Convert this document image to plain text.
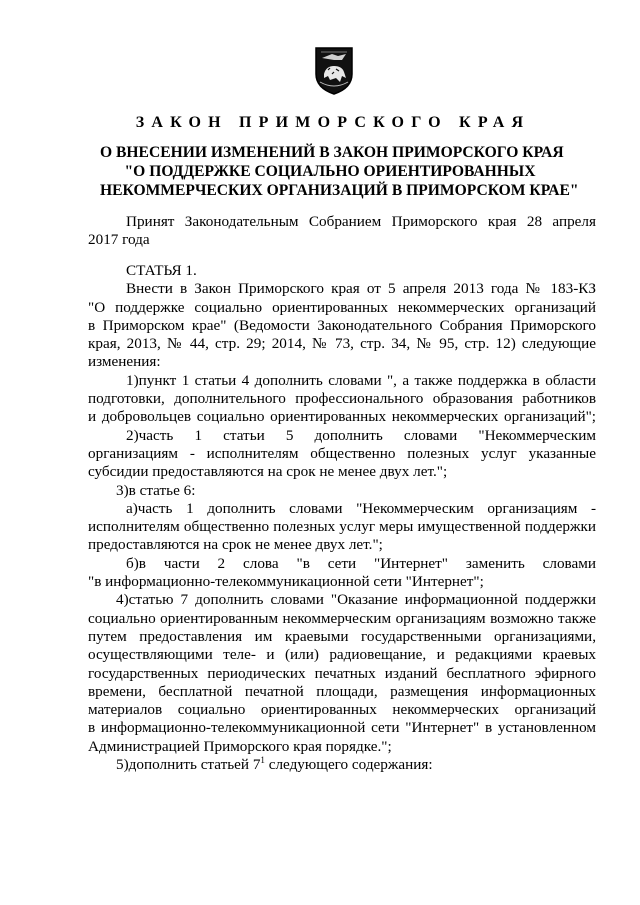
ЗАКОН ПРИМОРСКОГО КРАЯ
О ВНЕСЕНИИ ИЗМЕНЕНИЙ В ЗАКОН ПРИМОРСКОГО КРАЯ
"О ПОДДЕРЖКЕ СОЦИАЛЬНО ОРИЕНТИРОВАННЫХ
НЕКОММЕРЧЕСКИХ ОРГАНИЗАЦИЙ В ПРИМОРСКОМ КРАЕ"
Принят Законодательным Собранием Приморского края 28 апреля
2017 года
СТАТЬЯ 1.
Внести в Закон Приморского края от 5 апреля 2013 года № 183-КЗ
"О поддержке социально ориентированных некоммерческих организаций
в Приморском крае" (Ведомости Законодательного Собрания Приморского
края, 2013, № 44, стр. 29; 2014, № 73, стр. 34, № 95, стр. 12) следующие
изменения:
1)пункт 1 статьи 4 дополнить словами ", а также поддержка в области
подготовки, дополнительного профессионального образования работников
и добровольцев социально ориентированных некоммерческих организаций";
2)часть 1 статьи 5 дополнить словами "Некоммерческим
организациям - исполнителям общественно полезных услуг указанные
субсидии предоставляются на срок не менее двух лет.";
3)в статье 6:
а)часть 1 дополнить словами "Некоммерческим организациям -
исполнителям общественно полезных услуг меры имущественной поддержки
предоставляются на срок не менее двух лет.";
б)в части 2 слова "в сети "Интернет" заменить словами
"в информационно-телекоммуникационной сети "Интернет";
4)статью 7 дополнить словами "Оказание информационной поддержки
социально ориентированным некоммерческим организациям возможно также
путем предоставления им краевыми государственными организациями,
осуществляющими теле- и (или) радиовещание, и редакциями краевых
государственных периодических печатных изданий бесплатного эфирного
времени, бесплатной печатной площади, размещения информационных
материалов социально ориентированных некоммерческих организаций
в информационно-телекоммуникационной сети "Интернет" в установленном
Администрацией Приморского края порядке.";
5)дополнить статьей $7^1$ следующего содержания:
